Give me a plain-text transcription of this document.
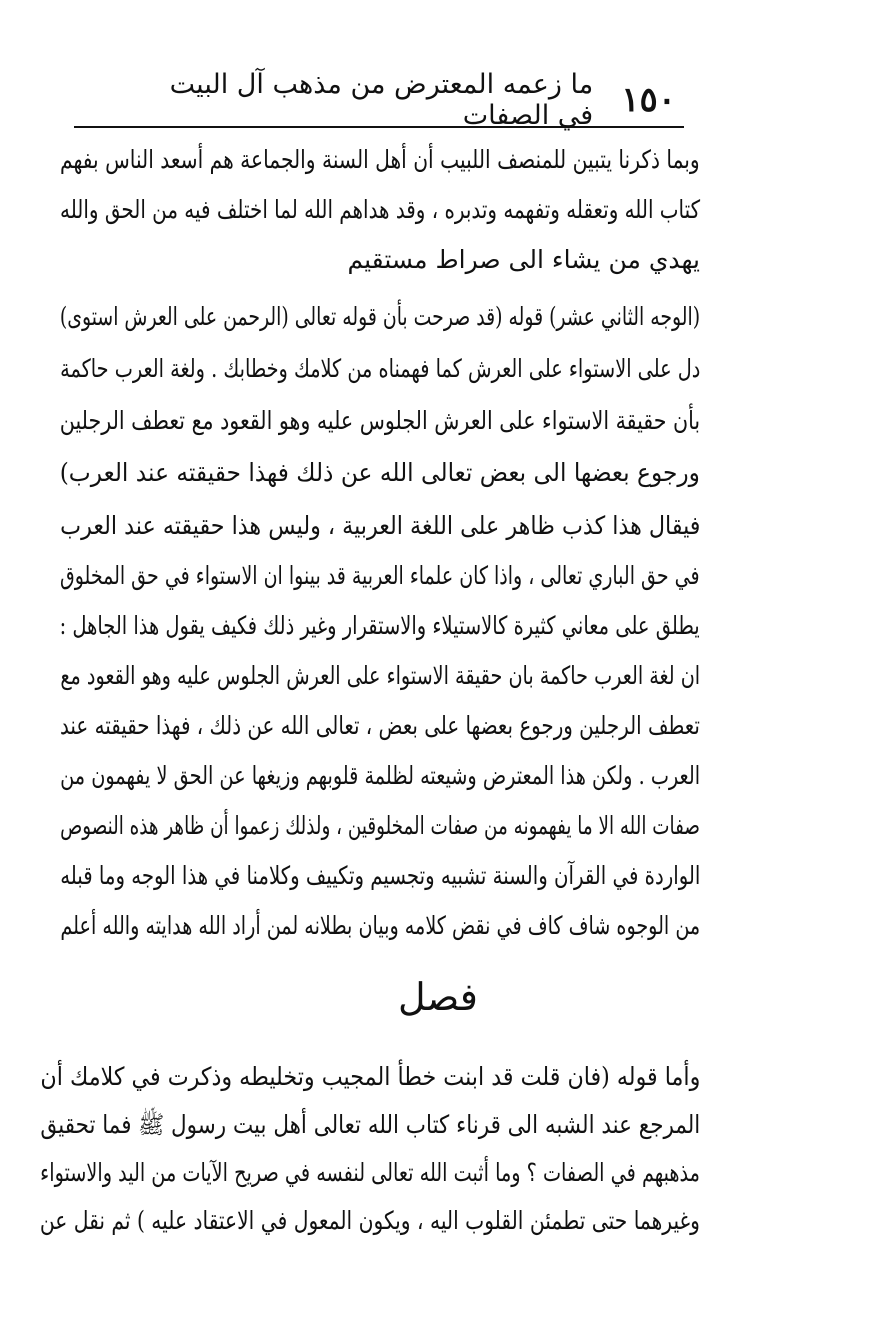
١٥٠
ما زعمه المعترض من مذهب آل البيت في الصفات
وبما ذكرنا يتبين للمنصف اللبيب أن أهل السنة والجماعة هم أسعد الناس بفهم
كتاب الله وتعقله وتفهمه وتدبره ، وقد هداهم الله لما اختلف فيه من الحق والله
يهدي من يشاء الى صراط مستقيم
(الوجه الثاني عشر) قوله (قد صرحت بأن قوله تعالى (الرحمن على العرش استوى)
دل على الاستواء على العرش كما فهمناه من كلامك وخطابك . ولغة العرب حاكمة
بأن حقيقة الاستواء على العرش الجلوس عليه وهو القعود مع تعطف الرجلين
ورجوع بعضها الى بعض تعالى الله عن ذلك فهذا حقيقته عند العرب)
فيقال هذا كذب ظاهر على اللغة العربية ، وليس هذا حقيقته عند العرب
في حق الباري تعالى ، واذا كان علماء العربية قد بينوا ان الاستواء في حق المخلوق
يطلق على معاني كثيرة كالاستيلاء والاستقرار وغير ذلك فكيف يقول هذا الجاهل :
ان لغة العرب حاكمة بان حقيقة الاستواء على العرش الجلوس عليه وهو القعود مع
تعطف الرجلين ورجوع بعضها على بعض ، تعالى الله عن ذلك ، فهذا حقيقته عند
العرب . ولكن هذا المعترض وشيعته لظلمة قلوبهم وزيغها عن الحق لا يفهمون من
صفات الله الا ما يفهمونه من صفات المخلوقين ، ولذلك زعموا أن ظاهر هذه النصوص
الواردة في القرآن والسنة تشبيه وتجسيم وتكييف وكلامنا في هذا الوجه وما قبله
من الوجوه شاف كاف في نقض كلامه وبيان بطلانه لمن أراد الله هدايته والله أعلم
فصل
وأما قوله (فان قلت قد ابنت خطأ المجيب وتخليطه وذكرت في كلامك أن
المرجع عند الشبه الى قرناء كتاب الله تعالى أهل بيت رسول ﷺ فما تحقيق
مذهبهم في الصفات ؟ وما أثبت الله تعالى لنفسه في صريح الآيات من اليد والاستواء
وغيرهما حتى تطمئن القلوب اليه ، ويكون المعول في الاعتقاد عليه ) ثم نقل عن
